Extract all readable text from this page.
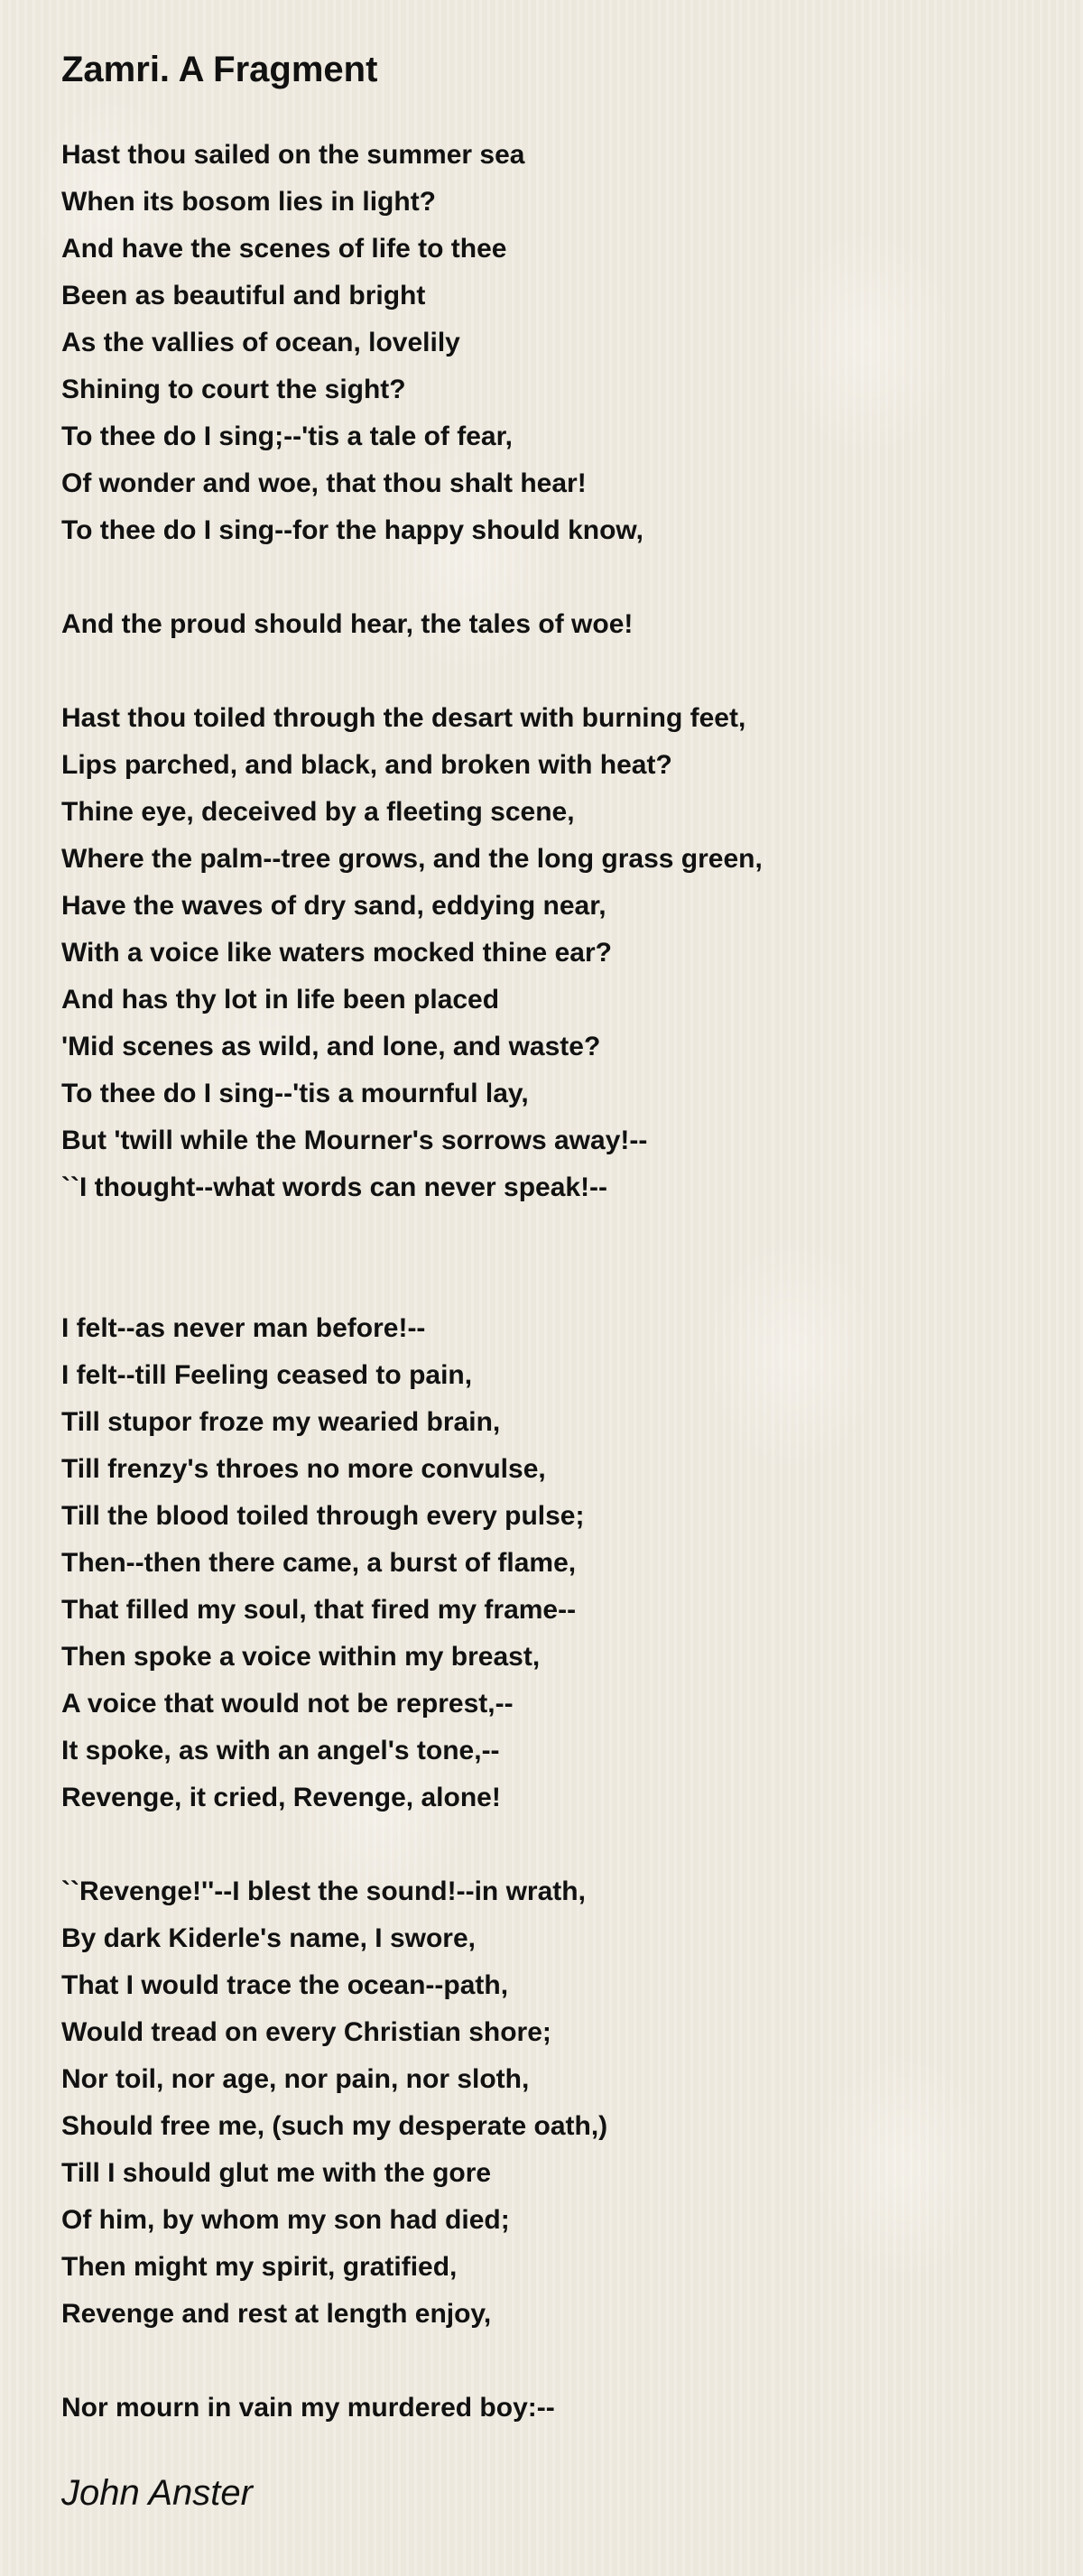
Zamri. A Fragment
Hast thou sailed on the summer sea
When its bosom lies in light?
And have the scenes of life to thee
Been as beautiful and bright
As the vallies of ocean, lovelily
Shining to court the sight?
To thee do I sing;--'tis a tale of fear,
Of wonder and woe, that thou shalt hear!
To thee do I sing--for the happy should know,
And the proud should hear, the tales of woe!
Hast thou toiled through the desart with burning feet,
Lips parched, and black, and broken with heat?
Thine eye, deceived by a fleeting scene,
Where the palm--tree grows, and the long grass green,
Have the waves of dry sand, eddying near,
With a voice like waters mocked thine ear?
And has thy lot in life been placed
'Mid scenes as wild, and lone, and waste?
To thee do I sing--'tis a mournful lay,
But 'twill while the Mourner's sorrows away!--
``I thought--what words can never speak!--
I felt--as never man before!--
I felt--till Feeling ceased to pain,
Till stupor froze my wearied brain,
Till frenzy's throes no more convulse,
Till the blood toiled through every pulse;
Then--then there came, a burst of flame,
That filled my soul, that fired my frame--
Then spoke a voice within my breast,
A voice that would not be represt,--
It spoke, as with an angel's tone,--
Revenge, it cried, Revenge, alone!
``Revenge!''--I blest the sound!--in wrath,
By dark Kiderle's name, I swore,
That I would trace the ocean--path,
Would tread on every Christian shore;
Nor toil, nor age, nor pain, nor sloth,
Should free me, (such my desperate oath,)
Till I should glut me with the gore
Of him, by whom my son had died;
Then might my spirit, gratified,
Revenge and rest at length enjoy,
Nor mourn in vain my murdered boy:--
John Anster
